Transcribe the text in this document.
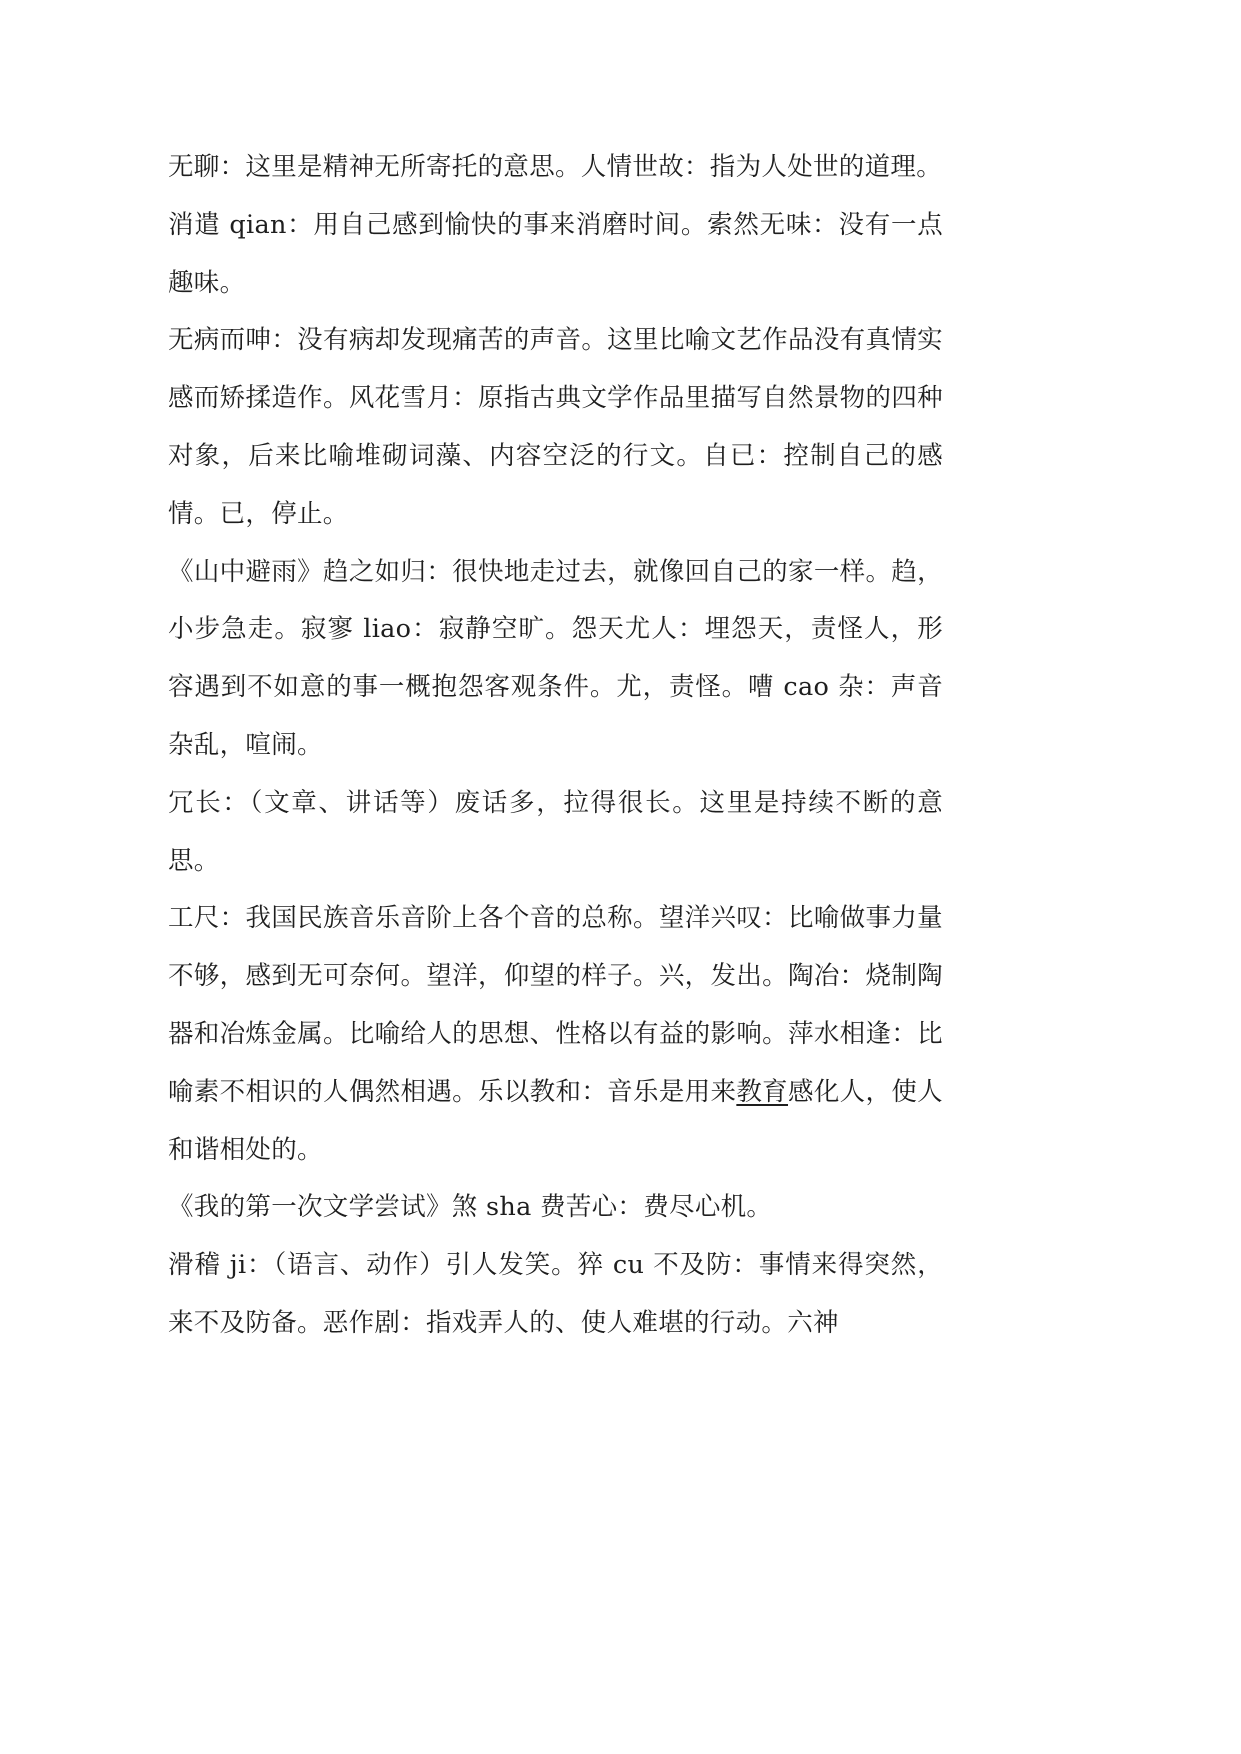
无聊：这里是精神无所寄托的意思。人情世故：指为人处世的道理。

消遣 qian：用自己感到愉快的事来消磨时间。索然无味：没有一点趣味。

无病而呻：没有病却发现痛苦的声音。这里比喻文艺作品没有真情实感而矫揉造作。风花雪月：原指古典文学作品里描写自然景物的四种对象，后来比喻堆砌词藻、内容空泛的行文。自已：控制自己的感情。已，停止。

《山中避雨》趋之如归：很快地走过去，就像回自己的家一样。趋，小步急走。寂寥 liao：寂静空旷。怨天尤人：埋怨天，责怪人，形容遇到不如意的事一概抱怨客观条件。尤，责怪。嘈 cao 杂：声音杂乱，喧闹。

冗长：（文章、讲话等）废话多，拉得很长。这里是持续不断的意思。

工尺：我国民族音乐音阶上各个音的总称。望洋兴叹：比喻做事力量不够，感到无可奈何。望洋，仰望的样子。兴，发出。陶冶：烧制陶器和冶炼金属。比喻给人的思想、性格以有益的影响。萍水相逢：比喻素不相识的人偶然相遇。乐以教和：音乐是用来教育感化人，使人和谐相处的。

《我的第一次文学尝试》煞 sha 费苦心：费尽心机。

滑稽 ji：（语言、动作）引人发笑。猝 cu 不及防：事情来得突然，来不及防备。恶作剧：指戏弄人的、使人难堪的行动。六神
